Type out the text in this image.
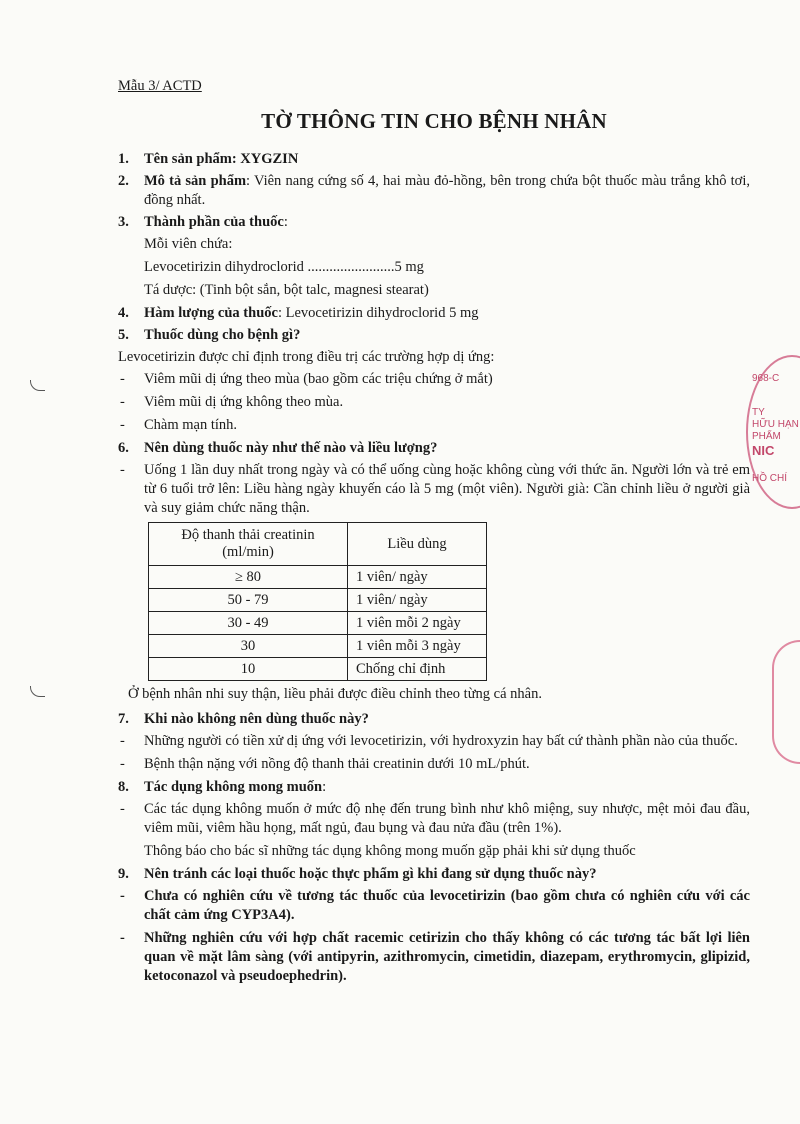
968-C
TY
HỮU HẠN
PHẨM
NIC
HỒ CHÍ
Mẫu 3/ ACTD
TỜ THÔNG TIN CHO BỆNH NHÂN
1. Tên sản phẩm: XYGZIN
2. Mô tả sản phẩm: Viên nang cứng số 4, hai màu đỏ-hồng, bên trong chứa bột thuốc màu trắng khô tơi, đồng nhất.
3. Thành phần của thuốc:
Mỗi viên chứa:
Levocetirizin dihydroclorid ........................5 mg
Tá dược: (Tinh bột sắn, bột talc, magnesi stearat)
4. Hàm lượng của thuốc: Levocetirizin dihydroclorid 5 mg
5. Thuốc dùng cho bệnh gì?
Levocetirizin được chỉ định trong điều trị các trường hợp dị ứng:
- Viêm mũi dị ứng theo mùa (bao gồm các triệu chứng ở mắt)
- Viêm mũi dị ứng không theo mùa.
- Chàm mạn tính.
6. Nên dùng thuốc này như thế nào và liều lượng?
- Uống 1 lần duy nhất trong ngày và có thể uống cùng hoặc không cùng với thức ăn. Người lớn và trẻ em từ 6 tuổi trở lên: Liều hàng ngày khuyến cáo là 5 mg (một viên). Người già: Cần chỉnh liều ở người già và suy giảm chức năng thận.
Độ thanh thải creatinin
(ml/min)	Liều dùng
≥ 80	1 viên/ ngày
50 - 79	1 viên/ ngày
30 - 49	1 viên mỗi 2 ngày
30	1 viên mỗi 3 ngày
10	Chống chỉ định
Ở bệnh nhân nhi suy thận, liều phải được điều chỉnh theo từng cá nhân.
7. Khi nào không nên dùng thuốc này?
- Những người có tiền xử dị ứng với levocetirizin, với hydroxyzin hay bất cứ thành phần nào của thuốc.
- Bệnh thận nặng với nồng độ thanh thải creatinin dưới 10 mL/phút.
8. Tác dụng không mong muốn:
- Các tác dụng không muốn ở mức độ nhẹ đến trung bình như khô miệng, suy nhược, mệt mỏi đau đầu, viêm mũi, viêm hầu họng, mất ngủ, đau bụng và đau nửa đầu (trên 1%).
Thông báo cho bác sĩ những tác dụng không mong muốn gặp phải khi sử dụng thuốc
9. Nên tránh các loại thuốc hoặc thực phẩm gì khi đang sử dụng thuốc này?
- Chưa có nghiên cứu về tương tác thuốc của levocetirizin (bao gồm chưa có nghiên cứu với các chất cảm ứng CYP3A4).
- Những nghiên cứu với hợp chất racemic cetirizin cho thấy không có các tương tác bất lợi liên quan về mặt lâm sàng (với antipyrin, azithromycin, cimetidin, diazepam, erythromycin, glipizid, ketoconazol và pseudoephedrin).
